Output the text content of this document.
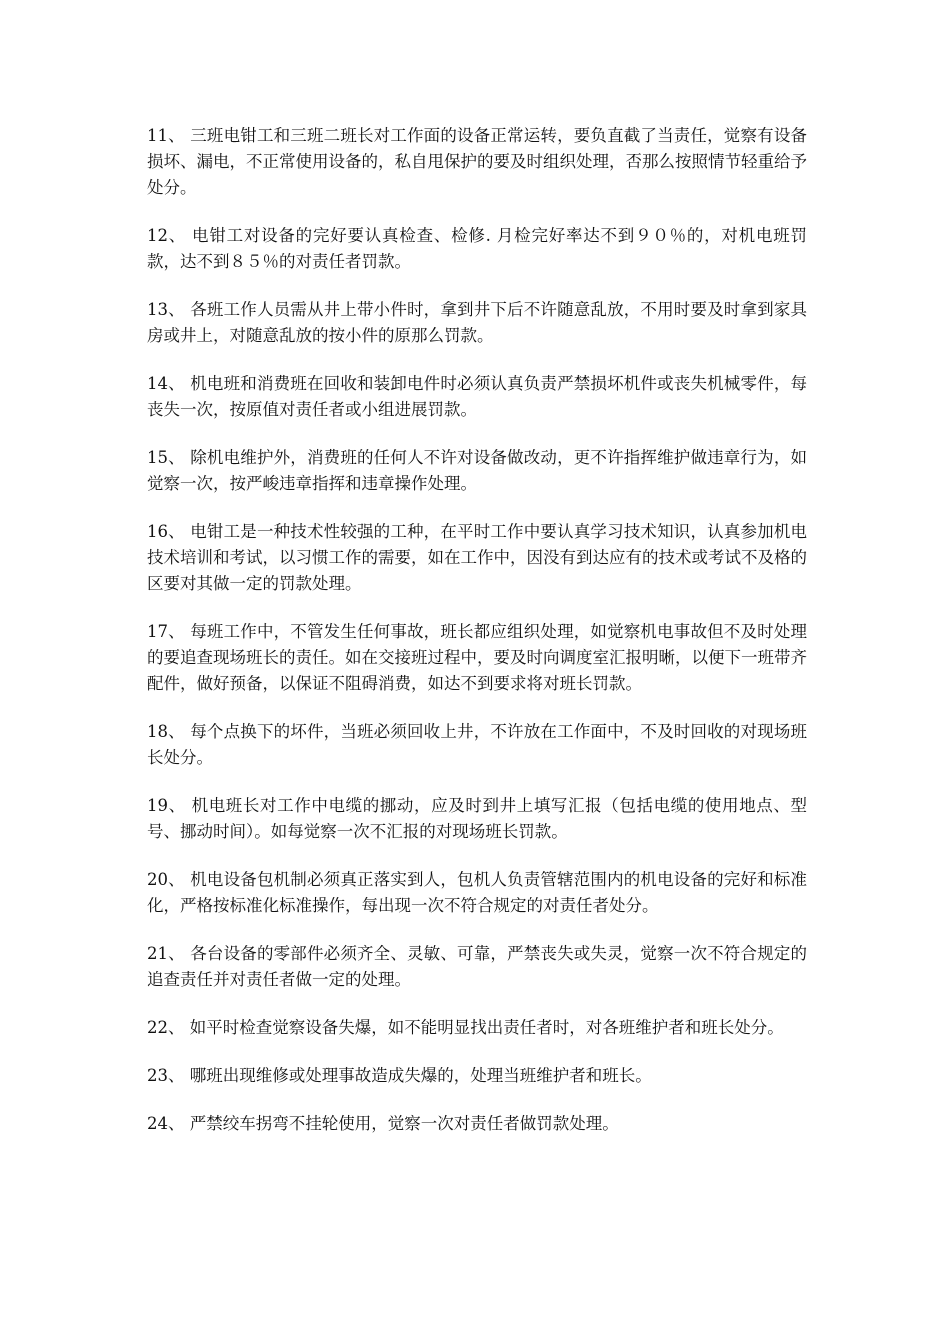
11、 三班电钳工和三班二班长对工作面的设备正常运转，要负直截了当责任，觉察有设备损坏、漏电，不正常使用设备的，私自甩保护的要及时组织处理，否那么按照情节轻重给予处分。

12、 电钳工对设备的完好要认真检查、检修. 月检完好率达不到９０％的，对机电班罚款，达不到８５％的对责任者罚款。

13、 各班工作人员需从井上带小件时，拿到井下后不许随意乱放，不用时要及时拿到家具房或井上，对随意乱放的按小件的原那么罚款。

14、 机电班和消费班在回收和装卸电件时必须认真负责严禁损坏机件或丧失机械零件，每丧失一次，按原值对责任者或小组进展罚款。

15、 除机电维护外，消费班的任何人不许对设备做改动，更不许指挥维护做违章行为，如觉察一次，按严峻违章指挥和违章操作处理。

16、 电钳工是一种技术性较强的工种，在平时工作中要认真学习技术知识，认真参加机电技术培训和考试，以习惯工作的需要，如在工作中，因没有到达应有的技术或考试不及格的区要对其做一定的罚款处理。

17、 每班工作中，不管发生任何事故，班长都应组织处理，如觉察机电事故但不及时处理的要追查现场班长的责任。如在交接班过程中，要及时向调度室汇报明晰，以便下一班带齐配件，做好预备，以保证不阻碍消费，如达不到要求将对班长罚款。

18、 每个点换下的坏件，当班必须回收上井，不许放在工作面中，不及时回收的对现场班长处分。

19、 机电班长对工作中电缆的挪动，应及时到井上填写汇报（包括电缆的使用地点、型号、挪动时间）。如每觉察一次不汇报的对现场班长罚款。

20、 机电设备包机制必须真正落实到人，包机人负责管辖范围内的机电设备的完好和标准化，严格按标准化标准操作，每出现一次不符合规定的对责任者处分。

21、 各台设备的零部件必须齐全、灵敏、可靠，严禁丧失或失灵，觉察一次不符合规定的追查责任并对责任者做一定的处理。

22、 如平时检查觉察设备失爆，如不能明显找出责任者时，对各班维护者和班长处分。

23、 哪班出现维修或处理事故造成失爆的，处理当班维护者和班长。

24、 严禁绞车拐弯不挂轮使用，觉察一次对责任者做罚款处理。
